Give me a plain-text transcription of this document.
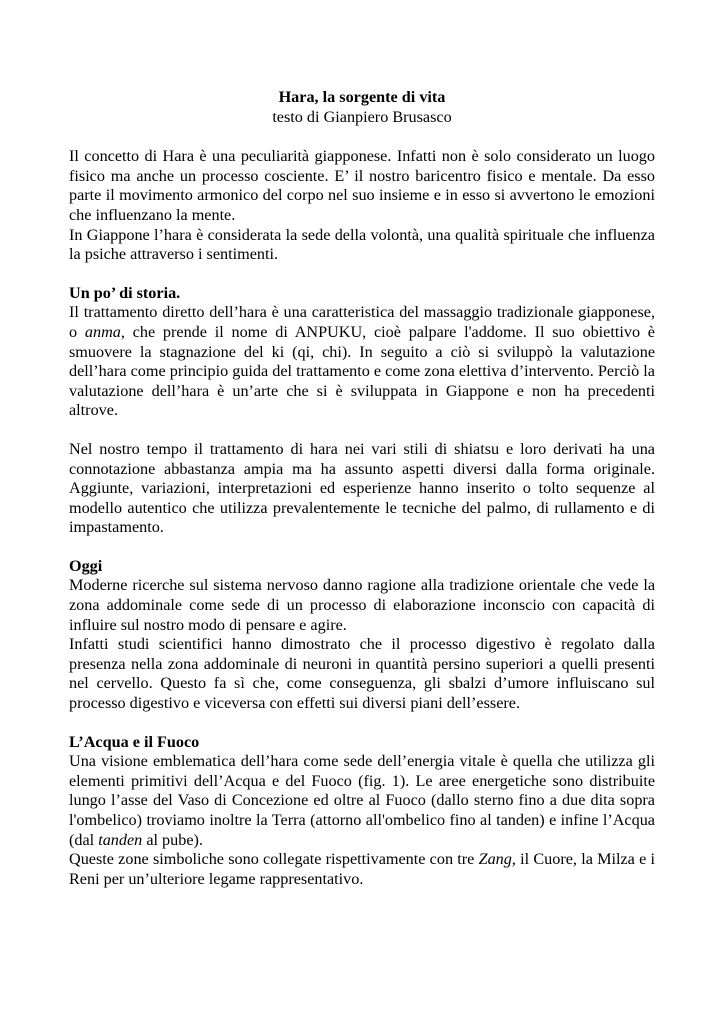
Hara, la sorgente di vita

testo di Gianpiero Brusasco

Il concetto di Hara è una peculiarità giapponese. Infatti non è solo considerato un luogo fisico ma anche un processo cosciente. E’ il nostro baricentro fisico e mentale. Da esso parte il movimento armonico del corpo nel suo insieme e in esso si avvertono le emozioni che influenzano la mente.

In Giappone l’hara è considerata la sede della volontà, una qualità spirituale che influenza la psiche attraverso i sentimenti.

Un po’ di storia.

Il trattamento diretto dell’hara è una caratteristica del massaggio tradizionale giapponese, o anma, che prende il nome di ANPUKU, cioè palpare l'addome. Il suo obiettivo è smuovere la stagnazione del ki (qi, chi). In seguito a ciò si sviluppò la valutazione dell’hara come principio guida del trattamento e come zona elettiva d’intervento. Perciò la valutazione dell’hara è un’arte che si è sviluppata in Giappone e non ha precedenti altrove.

Nel nostro tempo il trattamento di hara nei vari stili di shiatsu e loro derivati ha una connotazione abbastanza ampia ma ha assunto aspetti diversi dalla forma originale. Aggiunte, variazioni, interpretazioni ed esperienze hanno inserito o tolto sequenze al modello autentico che utilizza prevalentemente le tecniche del palmo, di rullamento e di impastamento.

Oggi

Moderne ricerche sul sistema nervoso danno ragione alla tradizione orientale che vede la zona addominale come sede di un processo di elaborazione inconscio con capacità di influire sul nostro modo di pensare e agire.

Infatti studi scientifici hanno dimostrato che il processo digestivo è regolato dalla presenza nella zona addominale di neuroni in quantità persino superiori a quelli presenti nel cervello. Questo fa sì che, come conseguenza, gli sbalzi d’umore influiscano sul processo digestivo e viceversa con effetti sui diversi piani dell’essere.

L’Acqua e il Fuoco

Una visione emblematica dell’hara come sede dell’energia vitale è quella che utilizza gli elementi primitivi dell’Acqua e del Fuoco (fig. 1). Le aree energetiche sono distribuite lungo l’asse del Vaso di Concezione ed oltre al Fuoco (dallo sterno fino a due dita sopra l'ombelico) troviamo inoltre la Terra (attorno all'ombelico fino al tanden) e infine l’Acqua (dal tanden al pube).

Queste zone simboliche sono collegate rispettivamente con tre Zang, il Cuore, la Milza e i Reni per un’ulteriore legame rappresentativo.
